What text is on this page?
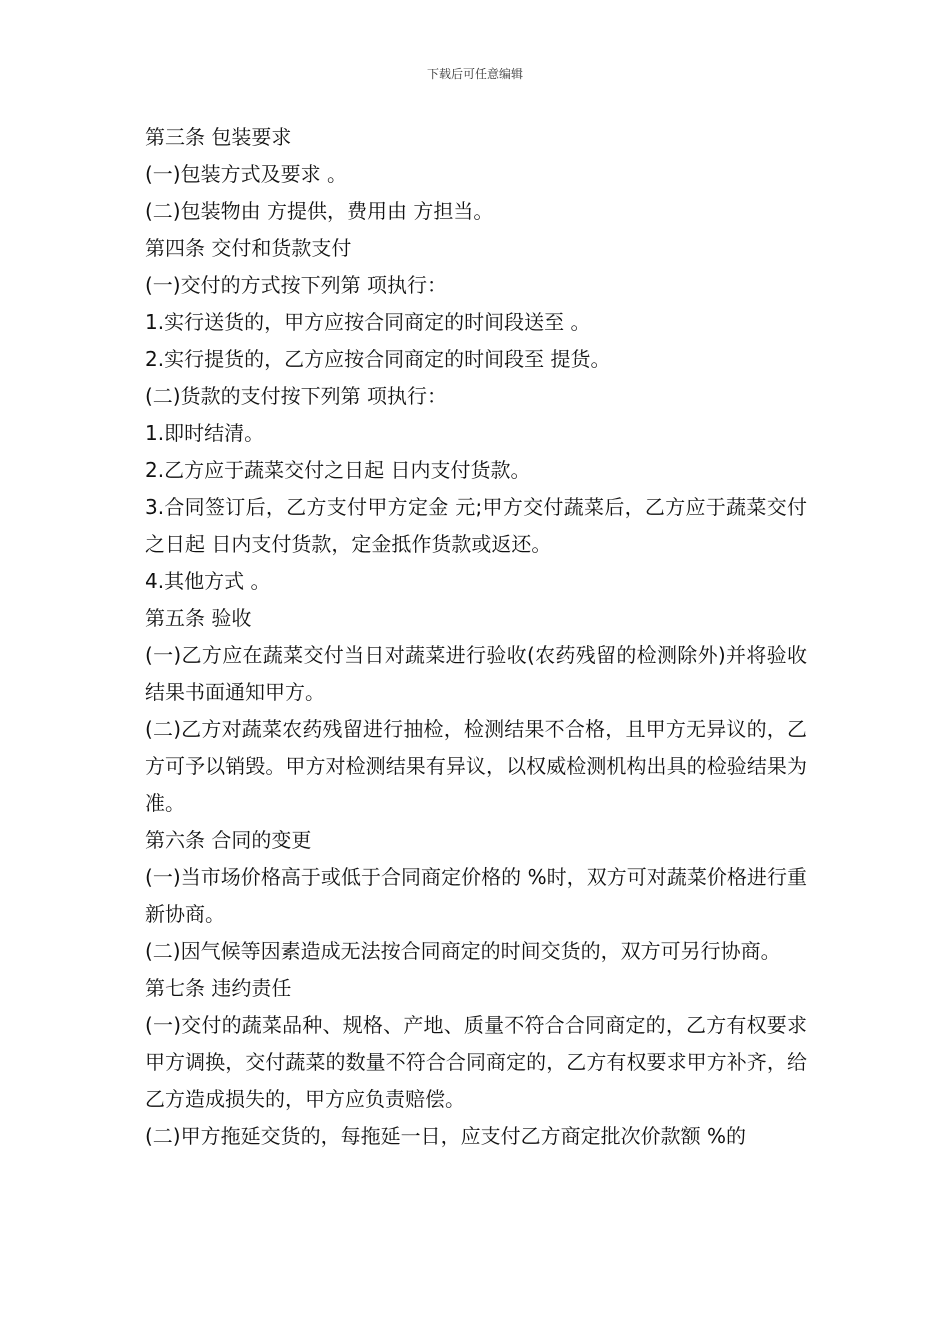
下载后可任意编辑

第三条 包装要求

(一)包装方式及要求 。

(二)包装物由 方提供，费用由 方担当。

第四条 交付和货款支付

(一)交付的方式按下列第 项执行：

1.实行送货的，甲方应按合同商定的时间段送至 。

2.实行提货的，乙方应按合同商定的时间段至 提货。

(二)货款的支付按下列第 项执行：

1.即时结清。

2.乙方应于蔬菜交付之日起 日内支付货款。

3.合同签订后，乙方支付甲方定金 元;甲方交付蔬菜后，乙方应于蔬菜交付之日起 日内支付货款，定金抵作货款或返还。

4.其他方式 。

第五条 验收

(一)乙方应在蔬菜交付当日对蔬菜进行验收(农药残留的检测除外)并将验收结果书面通知甲方。

(二)乙方对蔬菜农药残留进行抽检，检测结果不合格，且甲方无异议的，乙方可予以销毁。甲方对检测结果有异议，以权威检测机构出具的检验结果为准。

第六条 合同的变更

(一)当市场价格高于或低于合同商定价格的 %时，双方可对蔬菜价格进行重新协商。

(二)因气候等因素造成无法按合同商定的时间交货的，双方可另行协商。

第七条 违约责任

(一)交付的蔬菜品种、规格、产地、质量不符合合同商定的，乙方有权要求甲方调换，交付蔬菜的数量不符合合同商定的，乙方有权要求甲方补齐，给乙方造成损失的，甲方应负责赔偿。

(二)甲方拖延交货的，每拖延一日，应支付乙方商定批次价款额 %的
